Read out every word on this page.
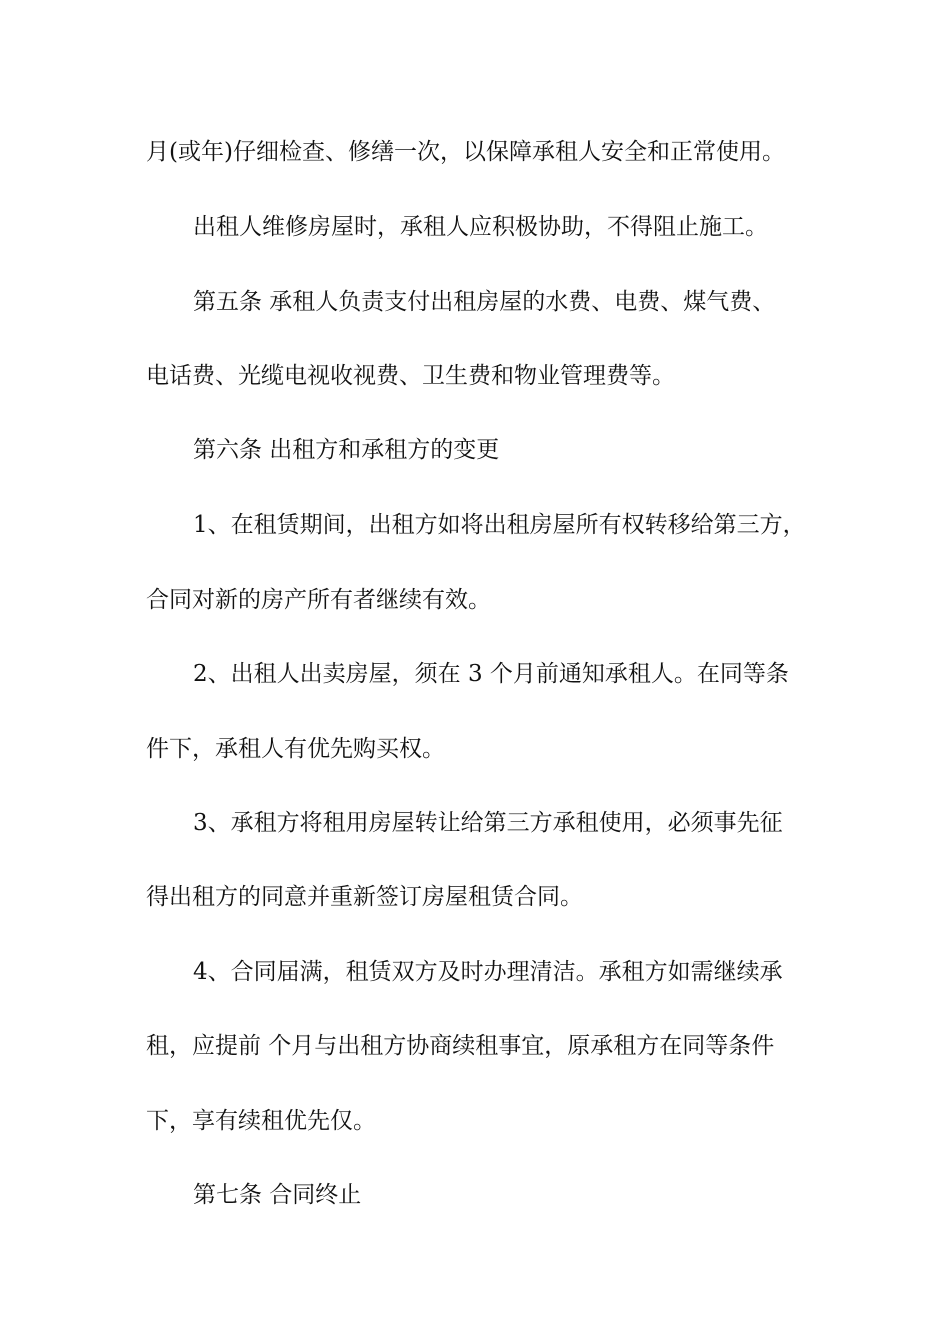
月(或年)仔细检查、修缮一次，以保障承租人安全和正常使用。
出租人维修房屋时，承租人应积极协助，不得阻止施工。
第五条 承租人负责支付出租房屋的水费、电费、煤气费、
电话费、光缆电视收视费、卫生费和物业管理费等。
第六条 出租方和承租方的变更
1、在租赁期间，出租方如将出租房屋所有权转移给第三方，
合同对新的房产所有者继续有效。
2、出租人出卖房屋，须在 3 个月前通知承租人。在同等条
件下，承租人有优先购买权。
3、承租方将租用房屋转让给第三方承租使用，必须事先征
得出租方的同意并重新签订房屋租赁合同。
4、合同届满，租赁双方及时办理清洁。承租方如需继续承
租，应提前 个月与出租方协商续租事宜，原承租方在同等条件
下，享有续租优先仅。
第七条 合同终止
